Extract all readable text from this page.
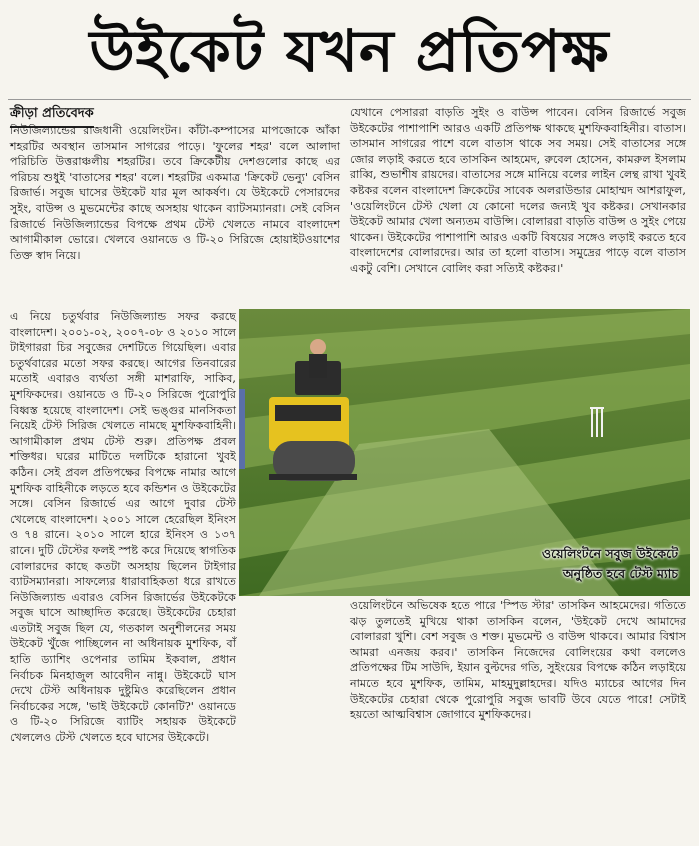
উইকেট যখন প্রতিপক্ষ
ক্রীড়া প্রতিবেদক

নিউজিল্যান্ডের রাজধানী ওয়েলিংটন। কাঁটা-কম্পাসের মাপজোকে আঁকা শহরটির অবস্থান তাসমান সাগরের পাড়ে। 'ফুলের শহর' বলে আলাদা পরিচিতি উত্তরাঞ্চলীয় শহরটির। তবে ক্রিকেটীয় দেশগুলোর কাছে এর পরিচয় শুধুই 'বাতাসের শহর' বলে। শহরটির একমাত্র 'ক্রিকেট ভেন্যু' বেসিন রিজার্ভ। সবুজ ঘাসের উইকেট যার মূল আকর্ষণ। যে উইকেটে পেসারদের সুইং, বাউন্স ও মুভমেন্টের কাছে অসহায় থাকেন ব্যাটসম্যানরা। সেই বেসিন রিজার্ভে নিউজিল্যান্ডের বিপক্ষে প্রথম টেস্ট খেলতে নামবে বাংলাদেশ আগামীকাল ভোরে। খেলবে ওয়ানডে ও টি-২০ সিরিজে হোয়াইটওয়াশের তিক্ত স্বাদ নিয়ে।

এ নিয়ে চতুর্থবার নিউজিল্যান্ড সফর করছে বাংলাদেশ। ২০০১-০২, ২০০৭-০৮ ও ২০১০ সালে টাইগাররা চির সবুজের দেশটিতে গিয়েছিল। এবার চতুর্থবারের মতো সফর করছে। আগের তিনবারের মতোই এবারও ব্যর্থতা সঙ্গী মাশরাফি, সাকিব, মুশফিকদের। ওয়ানডে ও টি-২০ সিরিজে পুরোপুরি বিধ্বস্ত হয়েছে বাংলাদেশ। সেই ভঙ্গুর মানসিকতা নিয়েই টেস্ট সিরিজ খেলতে নামছে মুশফিকবাহিনী। আগামীকাল প্রথম টেস্ট শুরু। প্রতিপক্ষ প্রবল শক্তিধর। ঘরের মাটিতে দলটিকে হারানো খুবই কঠিন। সেই প্রবল প্রতিপক্ষের বিপক্ষে নামার আগে মুশফিক বাহিনীকে লড়তে হবে কন্ডিশন ও উইকেটের সঙ্গে। বেসিন রিজার্ভে এর আগে দুবার টেস্ট খেলেছে বাংলাদেশ। ২০০১ সালে হেরেছিল ইনিংস ও ৭৪ রানে। ২০১০ সালে হারে ইনিংস ও ১৩৭ রানে। দুটি টেস্টের ফলই স্পষ্ট করে দিয়েছে স্বাগতিক বোলারদের কাছে কতটা অসহায় ছিলেন টাইগার ব্যাটসম্যানরা। সাফল্যের ধারাবাহিকতা ধরে রাখতে নিউজিল্যান্ড এবারও বেসিন রিজার্ভের উইকেটকে সবুজ ঘাসে আচ্ছাদিত করেছে। উইকেটের চেহারা এতটাই সবুজ ছিল যে, গতকাল অনুশীলনের সময় উইকেট খুঁজে পাচ্ছিলেন না অধিনায়ক মুশফিক, বাঁ হাতি ড্যাশিং ওপেনার তামিম ইকবাল, প্রধান নির্বাচক মিনহাজুল আবেদীন নান্নু। উইকেটে ঘাস দেখে টেস্ট অধিনায়ক দুষ্টুমিও করেছিলেন প্রধান নির্বাচকের সঙ্গে, 'ভাই উইকেটে কোনটি?' ওয়ানডে ও টি-২০ সিরিজে ব্যাটিং সহায়ক উইকেটে খেললেও টেস্ট খেলতে হবে ঘাসের উইকেটে।

যেখানে পেসাররা বাড়তি সুইং ও বাউন্স পাবেন। বেসিন রিজার্ভে সবুজ উইকেটের পাশাপাশি আরও একটি প্রতিপক্ষ থাকছে মুশফিকবাহিনীর। বাতাস। তাসমান সাগরের পাশে বলে বাতাস থাকে সব সময়। সেই বাতাসের সঙ্গে জোর লড়াই করতে হবে তাসকিন আহমেদ, রুবেল হোসেন, কামরুল ইসলাম রাব্বি, শুভাশীষ রায়দের। বাতাসের সঙ্গে মানিয়ে বলের লাইন লেন্থ রাখা খুবই কষ্টকর বলেন বাংলাদেশ ক্রিকেটের সাবেক অলরাউন্ডার মোহাম্মদ আশরাফুল, 'ওয়েলিংটনে টেস্ট খেলা যে কোনো দলের জন্যই খুব কষ্টকর। সেখানকার উইকেট আমার খেলা অন্যতম বাউন্সি। বোলাররা বাড়তি বাউন্স ও সুইং পেয়ে থাকেন। উইকেটের পাশাপাশি আরও একটি বিষয়ের সঙ্গেও লড়াই করতে হবে বাংলাদেশের বোলারদের। আর তা হলো বাতাস। সমুদ্রের পাড়ে বলে বাতাস একটু বেশি। সেখানে বোলিং করা সত্যিই কষ্টকর।'

ওয়েলিংটনে অভিষেক হতে পারে 'স্পিড স্টার' তাসকিন আহমেদের। গতিতে ঝড় তুলতেই মুখিয়ে থাকা তাসকিন বলেন, 'উইকেট দেখে আমাদের বোলাররা খুশি। বেশ সবুজ ও শক্ত। মুভমেন্ট ও বাউন্স থাকবে। আমার বিশ্বাস আমরা এনজয় করব।' তাসকিন নিজেদের বোলিংয়ের কথা বললেও প্রতিপক্ষের টিম সাউদি, ইয়ান বুল্টদের গতি, সুইংয়ের বিপক্ষে কঠিন লড়াইয়ে নামতে হবে মুশফিক, তামিম, মাহমুদুল্লাহদের। যদিও ম্যাচের আগের দিন উইকেটের চেহারা থেকে পুরোপুরি সবুজ ভাবটি উবে যেতে পারে! সেটাই হয়তো আত্মবিশ্বাস জোগাবে মুশফিকদের।

ওয়েলিংটনে সবুজ উইকেটে অনুষ্ঠিত হবে টেস্ট ম্যাচ
